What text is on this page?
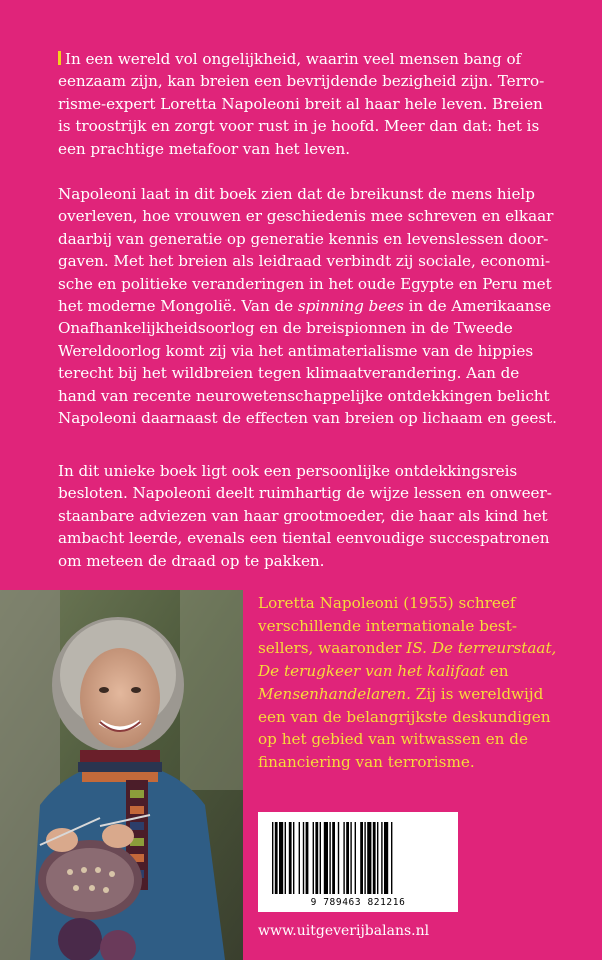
In een wereld vol ongelijkheid, waarin veel mensen bang of

eenzaam zijn, kan breien een bevrijdende bezigheid zijn. Terro-

risme-expert Loretta Napoleoni breit al haar hele leven. Breien

is troostrijk en zorgt voor rust in je hoofd. Meer dan dat: het is

een prachtige metafoor van het leven.

Napoleoni laat in dit boek zien dat de breikunst de mens hielp

overleven, hoe vrouwen er geschiedenis mee schreven en elkaar

daarbij van generatie op generatie kennis en levenslessen door-

gaven. Met het breien als leidraad verbindt zij sociale, economi-

sche en politieke veranderingen in het oude Egypte en Peru met

het moderne Mongolië. Van de spinning bees in de Amerikaanse

Onafhankelijkheidsoorlog en de breispionnen in de Tweede

Wereldoorlog komt zij via het antimaterialisme van de hippies

terecht bij het wildbreien tegen klimaatverandering. Aan de

hand van recente neurowetenschappelijke ontdekkingen belicht

Napoleoni daarnaast de effecten van breien op lichaam en geest.

In dit unieke boek ligt ook een persoonlijke ontdekkingsreis

besloten. Napoleoni deelt ruimhartig de wijze lessen en onweer-

staanbare adviezen van haar grootmoeder, die haar als kind het

ambacht leerde, evenals een tiental eenvoudige succespatronen

om meteen de draad op te pakken.

Loretta Napoleoni (1955) schreef

verschillende internationale best-

sellers, waaronder IS. De terreurstaat,

De terugkeer van het kalifaat en

Mensenhandelaren. Zij is wereldwijd

een van de belangrijkste deskundigen

op het gebied van witwassen en de

financiering van terrorisme.

9 789463 821216
www.uitgeverijbalans.nl
